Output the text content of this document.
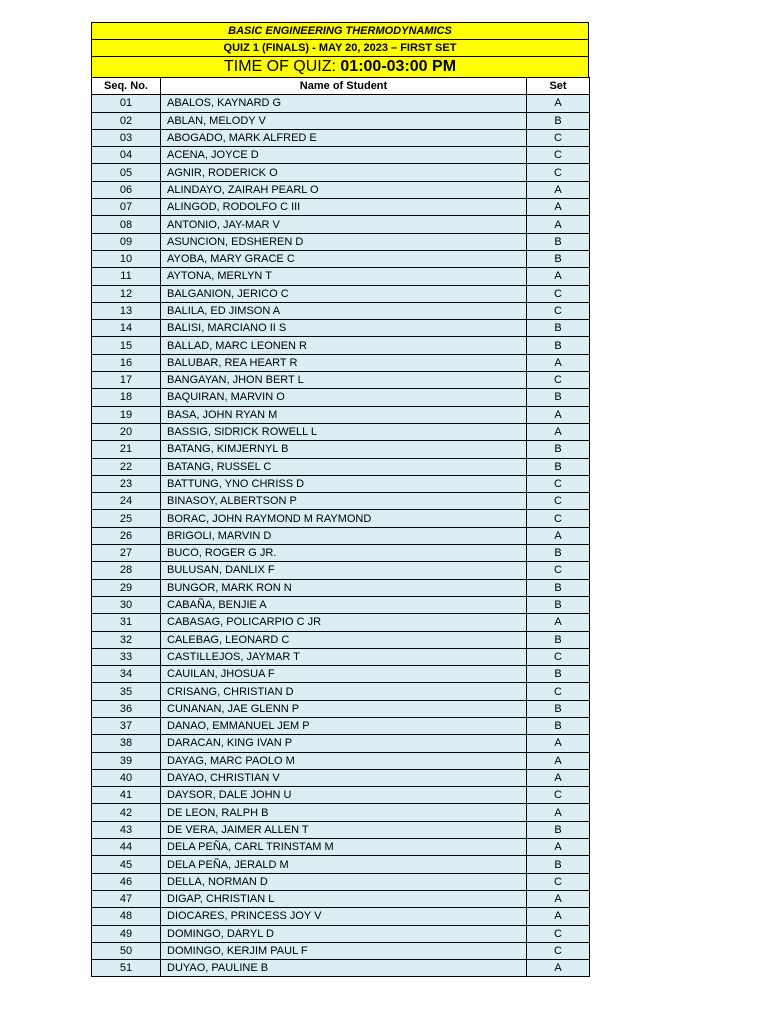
BASIC ENGINEERING THERMODYNAMICS
QUIZ 1 (FINALS) - MAY 20, 2023 – FIRST SET
TIME OF QUIZ: 01:00-03:00 PM
Seq. No.	Name of Student	Set
01	ABALOS, KAYNARD G	A
02	ABLAN, MELODY V	B
03	ABOGADO, MARK ALFRED E	C
04	ACENA, JOYCE D	C
05	AGNIR, RODERICK O	C
06	ALINDAYO, ZAIRAH PEARL O	A
07	ALINGOD, RODOLFO C III	A
08	ANTONIO, JAY-MAR V	A
09	ASUNCION, EDSHEREN D	B
10	AYOBA, MARY GRACE C	B
11	AYTONA, MERLYN T	A
12	BALGANION, JERICO C	C
13	BALILA, ED JIMSON A	C
14	BALISI, MARCIANO II S	B
15	BALLAD, MARC LEONEN R	B
16	BALUBAR, REA HEART R	A
17	BANGAYAN, JHON BERT L	C
18	BAQUIRAN, MARVIN O	B
19	BASA, JOHN RYAN M	A
20	BASSIG, SIDRICK ROWELL L	A
21	BATANG, KIMJERNYL B	B
22	BATANG, RUSSEL C	B
23	BATTUNG, YNO CHRISS D	C
24	BINASOY, ALBERTSON P	C
25	BORAC, JOHN RAYMOND M RAYMOND	C
26	BRIGOLI, MARVIN D	A
27	BUCO, ROGER G JR.	B
28	BULUSAN, DANLIX F	C
29	BUNGOR, MARK RON N	B
30	CABAÑA, BENJIE A	B
31	CABASAG, POLICARPIO C JR	A
32	CALEBAG, LEONARD C	B
33	CASTILLEJOS, JAYMAR T	C
34	CAUILAN, JHOSUA F	B
35	CRISANG, CHRISTIAN D	C
36	CUNANAN, JAE GLENN P	B
37	DANAO, EMMANUEL JEM P	B
38	DARACAN, KING IVAN P	A
39	DAYAG, MARC PAOLO M	A
40	DAYAO, CHRISTIAN V	A
41	DAYSOR, DALE JOHN U	C
42	DE LEON, RALPH B	A
43	DE VERA, JAIMER ALLEN T	B
44	DELA PEÑA, CARL TRINSTAM M	A
45	DELA PEÑA, JERALD M	B
46	DELLA, NORMAN D	C
47	DIGAP, CHRISTIAN L	A
48	DIOCARES, PRINCESS JOY V	A
49	DOMINGO, DARYL D	C
50	DOMINGO, KERJIM PAUL F	C
51	DUYAO, PAULINE B	A
